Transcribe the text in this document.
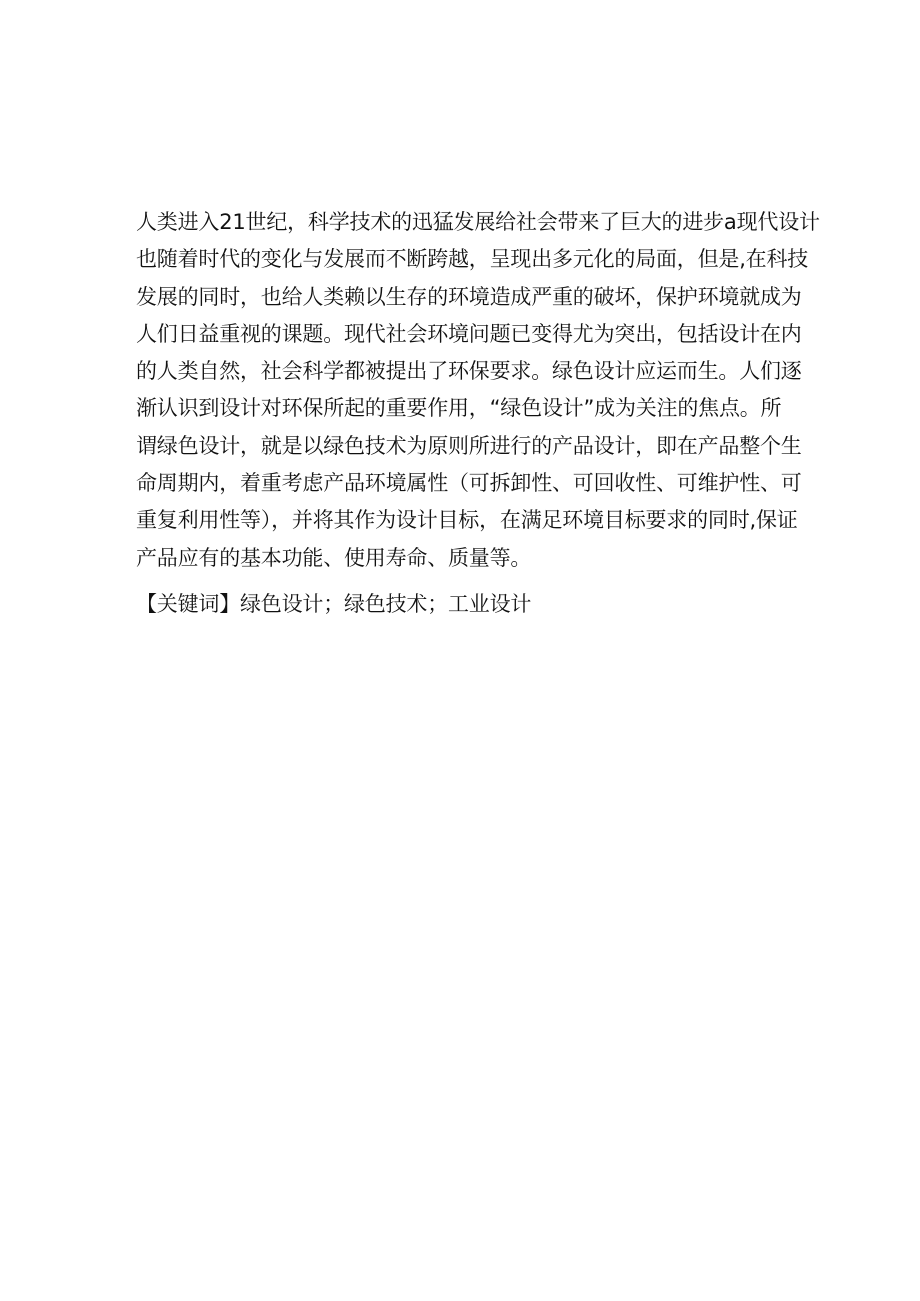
人类进入21世纪，科学技术的迅猛发展给社会带来了巨大的进步a现代设计
也随着时代的变化与发展而不断跨越，呈现出多元化的局面，但是,在科技
发展的同时，也给人类赖以生存的环境造成严重的破坏，保护环境就成为
人们日益重视的课题。现代社会环境问题已变得尤为突出，包括设计在内
的人类自然，社会科学都被提出了环保要求。绿色设计应运而生。人们逐
渐认识到设计对环保所起的重要作用，“绿色设计”成为关注的焦点。所
谓绿色设计，就是以绿色技术为原则所进行的产品设计，即在产品整个生
命周期内，着重考虑产品环境属性（可拆卸性、可回收性、可维护性、可
重复利用性等），并将其作为设计目标，在满足环境目标要求的同时,保证
产品应有的基本功能、使用寿命、质量等。
【关键词】绿色设计；绿色技术；工业设计
